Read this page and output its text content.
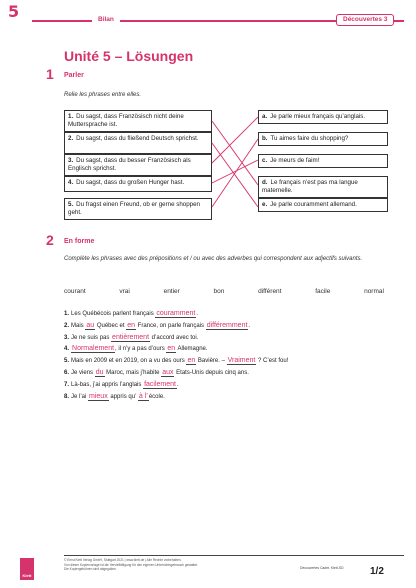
5	Bilan	Découvertes 3
Unité 5 – Lösungen
1 Parler
Relie les phrases entre elles.
1. Du sagst, dass Französisch nicht deine Muttersprache ist.
2. Du sagst, dass du fließend Deutsch sprichst.
3. Du sagst, dass du besser Französisch als Englisch sprichst.
4. Du sagst, dass du großen Hunger hast.
5. Du fragst einen Freund, ob er gerne shoppen geht.
a. Je parle mieux français qu’anglais.
b. Tu aimes faire du shopping?
c. Je meurs de faim!
d. Le français n’est pas ma langue maternelle.
e. Je parle couramment allemand.
2 En forme
Complète les phrases avec des prépositions et / ou avec des adverbes qui correspondent aux adjectifs suivants.
courant	vrai	entier	bon	différent	facile	normal
1. Les Québécois parlent français couramment.
2. Mais au Québec et en France, on parle français différemment.
3. Je ne suis pas entièrement d’accord avec toi.
4. Normalement, il n’y a pas d’ours en Allemagne.
5. Mais en 2009 et en 2019, on a vu des ours en Bavière. – Vraiment ? C’est fou!
6. Je viens du Maroc, mais j’habite aux Etats-Unis depuis cinq ans.
7. Là-bas, j’ai appris l’anglais facilement.
8. Je l’ai mieux appris qu’ à l’école.
Klett
© Ernst Klett Verlag GmbH, Stuttgart 2021 | www.klett.de | Alle Rechte vorbehalten.
Von dieser Kopiervorlage ist die Vervielfältigung für den eigenen Unterrichtsgebrauch gestattet.
Die Kopiergebühren sind abgegolten.	Découvertes Cadet. Klett-SD	1/2
